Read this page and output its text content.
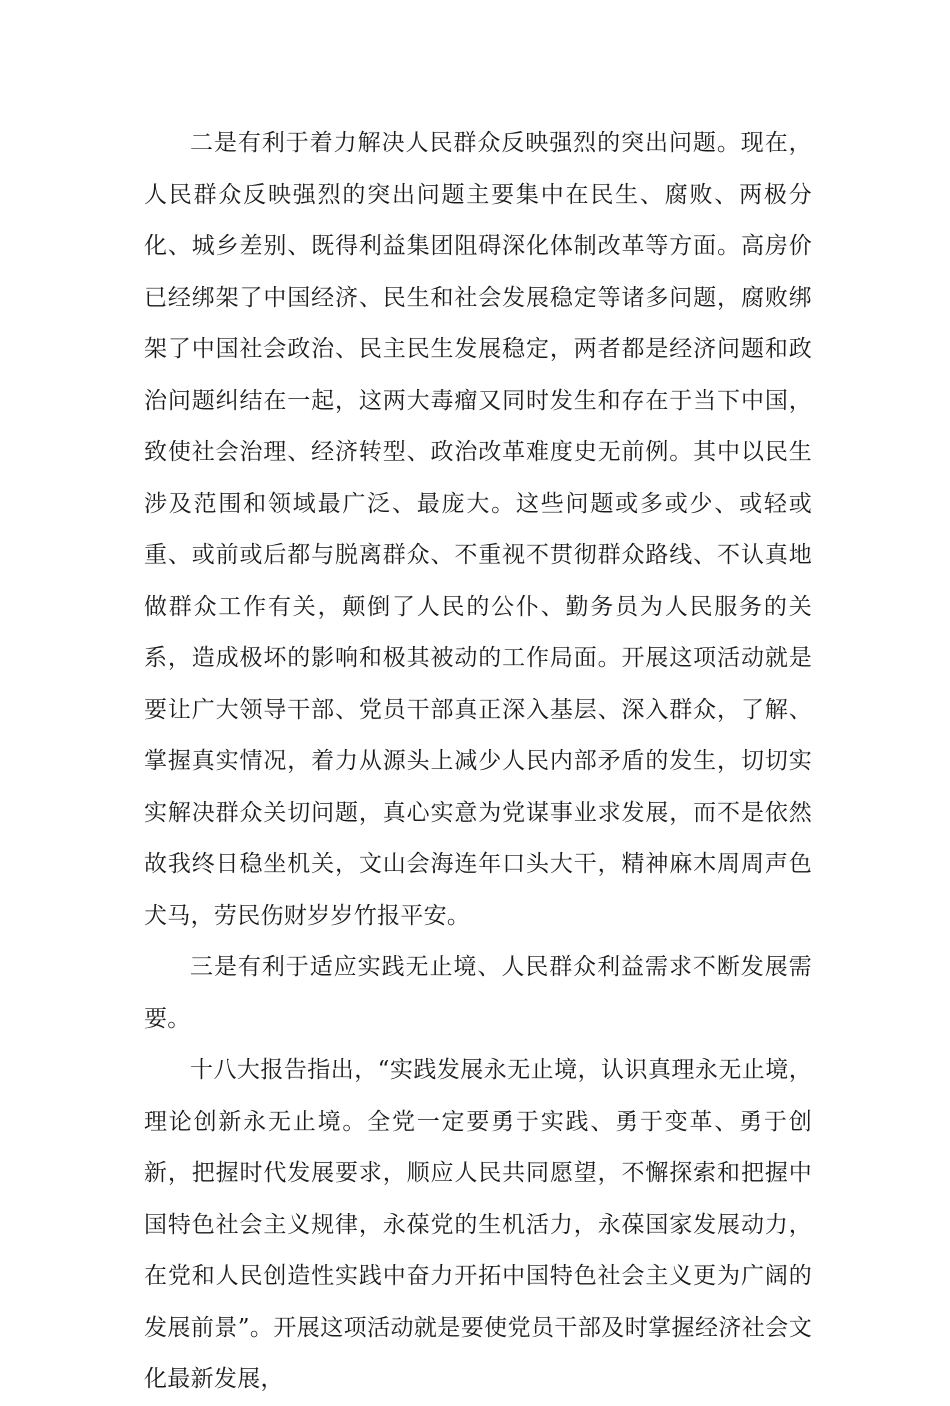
二是有利于着力解决人民群众反映强烈的突出问题。现在，人民群众反映强烈的突出问题主要集中在民生、腐败、两极分化、城乡差别、既得利益集团阻碍深化体制改革等方面。高房价已经绑架了中国经济、民生和社会发展稳定等诸多问题，腐败绑架了中国社会政治、民主民生发展稳定，两者都是经济问题和政治问题纠结在一起，这两大毒瘤又同时发生和存在于当下中国，致使社会治理、经济转型、政治改革难度史无前例。其中以民生涉及范围和领域最广泛、最庞大。这些问题或多或少、或轻或重、或前或后都与脱离群众、不重视不贯彻群众路线、不认真地做群众工作有关，颠倒了人民的公仆、勤务员为人民服务的关系，造成极坏的影响和极其被动的工作局面。开展这项活动就是要让广大领导干部、党员干部真正深入基层、深入群众，了解、掌握真实情况，着力从源头上减少人民内部矛盾的发生，切切实实解决群众关切问题，真心实意为党谋事业求发展，而不是依然故我终日稳坐机关，文山会海连年口头大干，精神麻木周周声色犬马，劳民伤财岁岁竹报平安。

三是有利于适应实践无止境、人民群众利益需求不断发展需要。

十八大报告指出，“实践发展永无止境，认识真理永无止境，理论创新永无止境。全党一定要勇于实践、勇于变革、勇于创新，把握时代发展要求，顺应人民共同愿望，不懈探索和把握中国特色社会主义规律，永葆党的生机活力，永葆国家发展动力，在党和人民创造性实践中奋力开拓中国特色社会主义更为广阔的发展前景”。开展这项活动就是要使党员干部及时掌握经济社会文化最新发展，
